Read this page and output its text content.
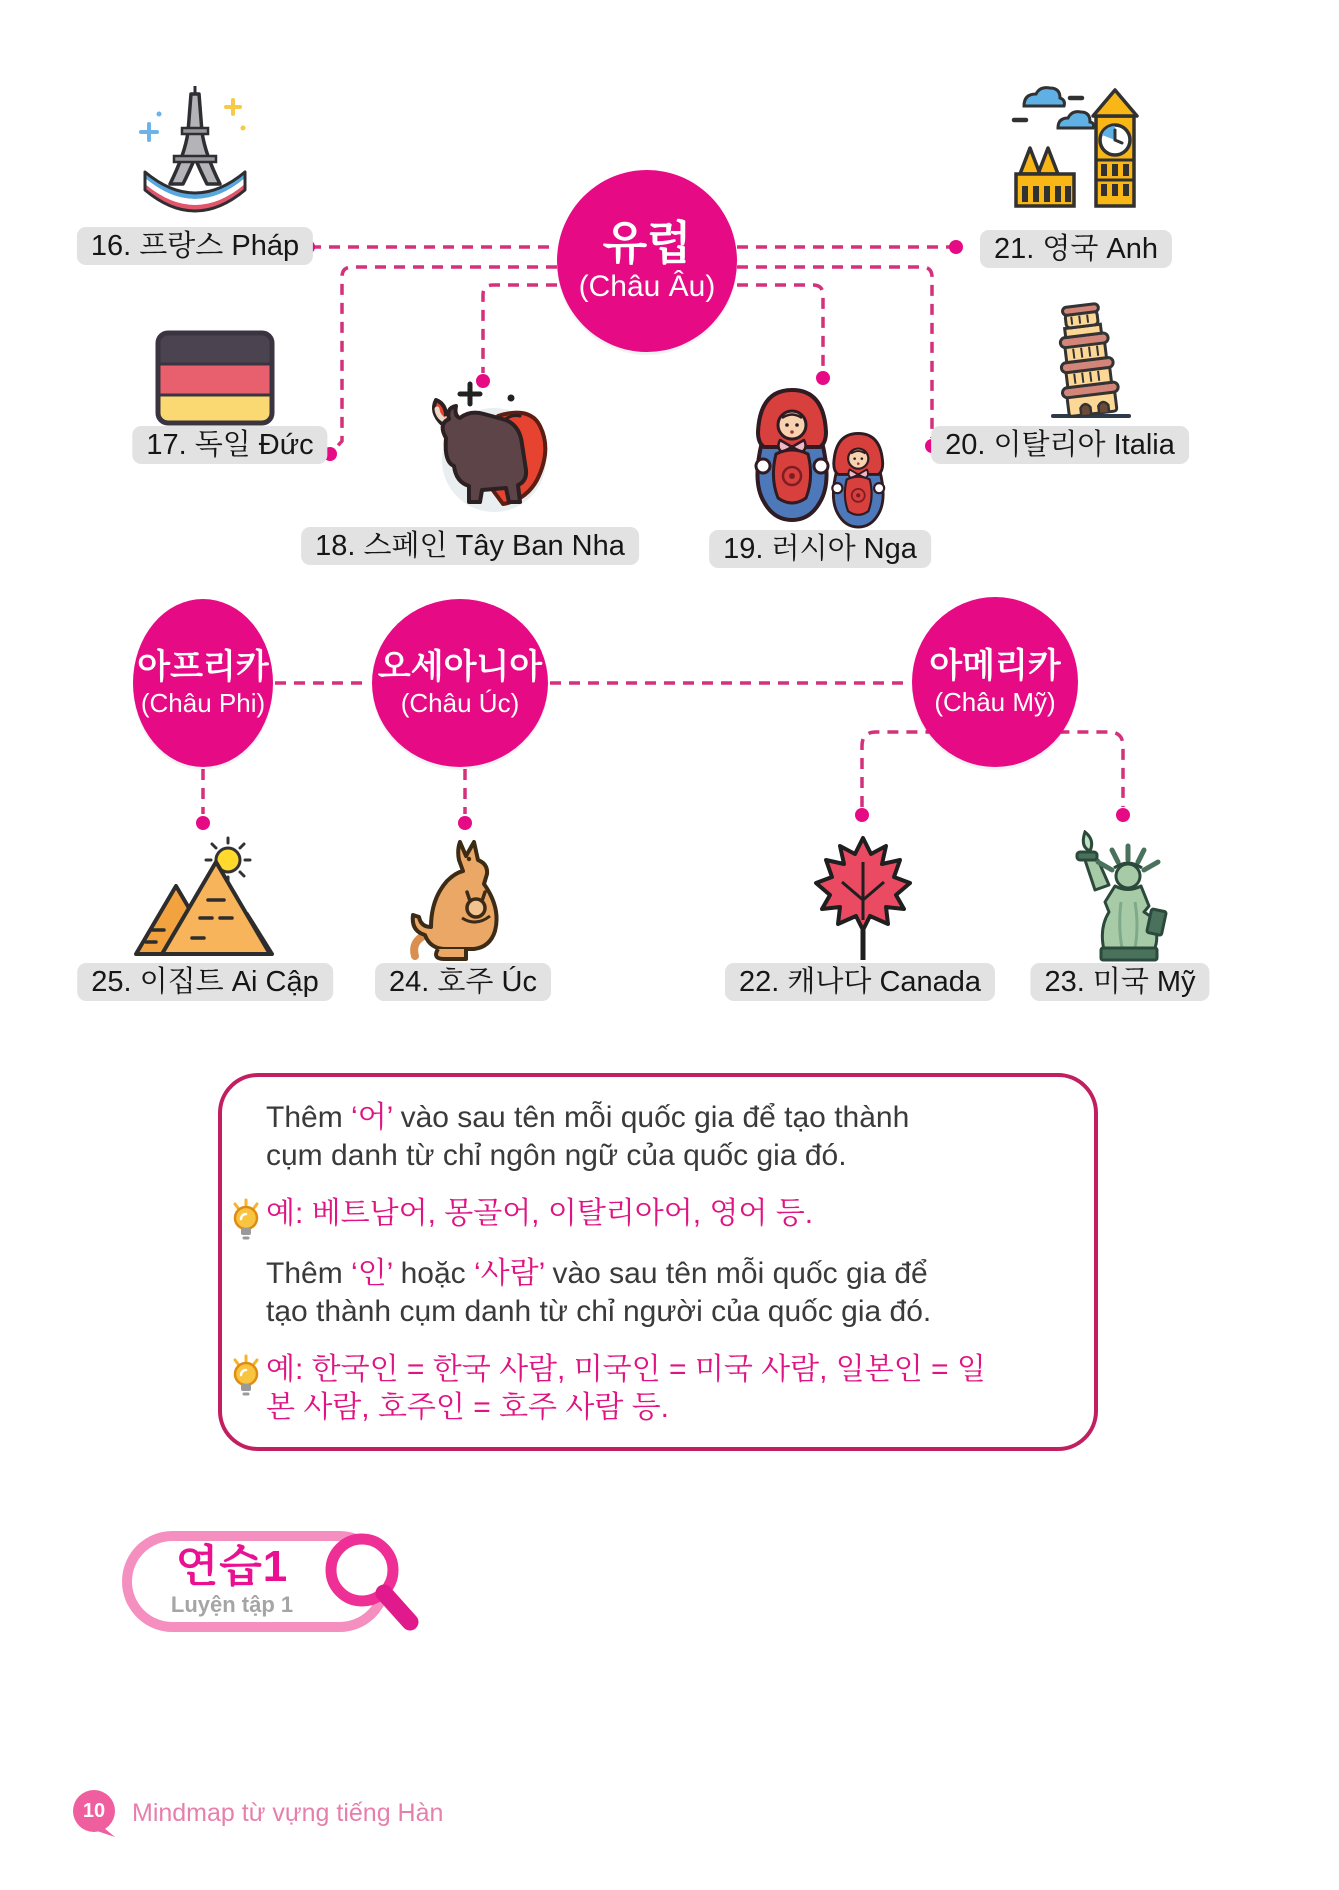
16. 프랑스 Pháp	21. 영국 Anh
유럽
(Châu Âu)
17. 독일 Đức	20. 이탈리아 Italia
18. 스페인 Tây Ban Nha	19. 러시아 Nga
아프리카
(Châu Phi)
오세아니아
(Châu Úc)
아메리카
(Châu Mỹ)
25. 이집트 Ai Cập	24. 호주 Úc	22. 캐나다 Canada	23. 미국 Mỹ

Thêm ‘어’ vào sau tên mỗi quốc gia để tạo thành
cụm danh từ chỉ ngôn ngữ của quốc gia đó.

예: 베트남어, 몽골어, 이탈리아어, 영어 등.

Thêm ‘인’ hoặc ‘사람’ vào sau tên mỗi quốc gia để
tạo thành cụm danh từ chỉ người của quốc gia đó.

예: 한국인 = 한국 사람, 미국인 = 미국 사람, 일본인 = 일
본 사람, 호주인 = 호주 사람 등.
연습1
Luyện tập 1
10	Mindmap từ vựng tiếng Hàn
